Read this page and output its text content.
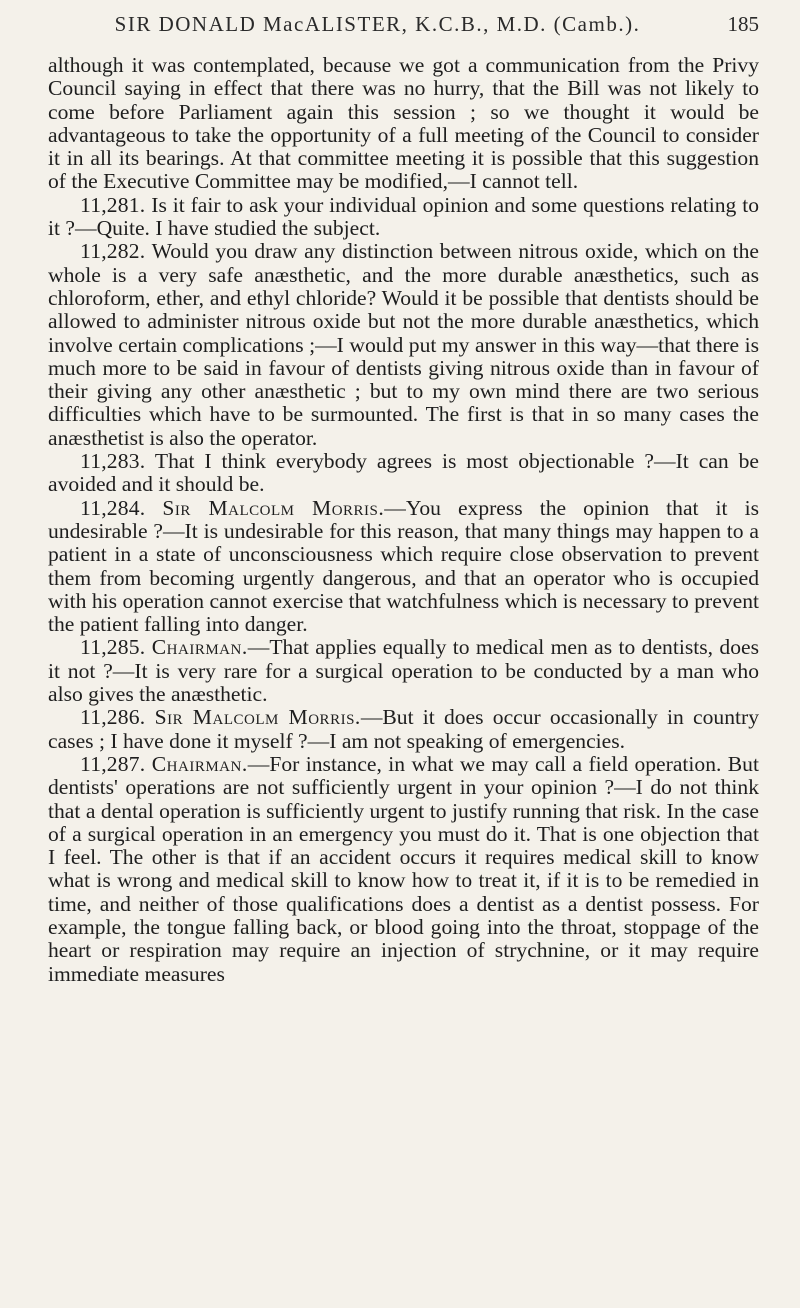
SIR DONALD MacALISTER, K.C.B., M.D. (Camb.).	185

although it was contemplated, because we got a communication from the Privy Council saying in effect that there was no hurry, that the Bill was not likely to come before Parliament again this session ; so we thought it would be advantageous to take the opportunity of a full meeting of the Council to consider it in all its bearings. At that committee meeting it is possible that this suggestion of the Executive Committee may be modified,—I cannot tell.

11,281. Is it fair to ask your individual opinion and some questions relating to it ?—Quite. I have studied the subject.

11,282. Would you draw any distinction between nitrous oxide, which on the whole is a very safe anæsthetic, and the more durable anæsthetics, such as chloroform, ether, and ethyl chloride? Would it be possible that dentists should be allowed to administer nitrous oxide but not the more durable anæsthetics, which involve certain complications ;—I would put my answer in this way—that there is much more to be said in favour of dentists giving nitrous oxide than in favour of their giving any other anæsthetic ; but to my own mind there are two serious difficulties which have to be surmounted. The first is that in so many cases the anæsthetist is also the operator.

11,283. That I think everybody agrees is most objectionable ?—It can be avoided and it should be.

11,284. Sir Malcolm Morris.—You express the opinion that it is undesirable ?—It is undesirable for this reason, that many things may happen to a patient in a state of unconsciousness which require close observation to prevent them from becoming urgently dangerous, and that an operator who is occupied with his operation cannot exercise that watchfulness which is necessary to prevent the patient falling into danger.

11,285. Chairman.—That applies equally to medical men as to dentists, does it not ?—It is very rare for a surgical operation to be conducted by a man who also gives the anæsthetic.

11,286. Sir Malcolm Morris.—But it does occur occasionally in country cases ; I have done it myself ?—I am not speaking of emergencies.

11,287. Chairman.—For instance, in what we may call a field operation. But dentists' operations are not sufficiently urgent in your opinion ?—I do not think that a dental operation is sufficiently urgent to justify running that risk. In the case of a surgical operation in an emergency you must do it. That is one objection that I feel. The other is that if an accident occurs it requires medical skill to know what is wrong and medical skill to know how to treat it, if it is to be remedied in time, and neither of those qualifications does a dentist as a dentist possess. For example, the tongue falling back, or blood going into the throat, stoppage of the heart or respiration may require an injection of strychnine, or it may require immediate measures
